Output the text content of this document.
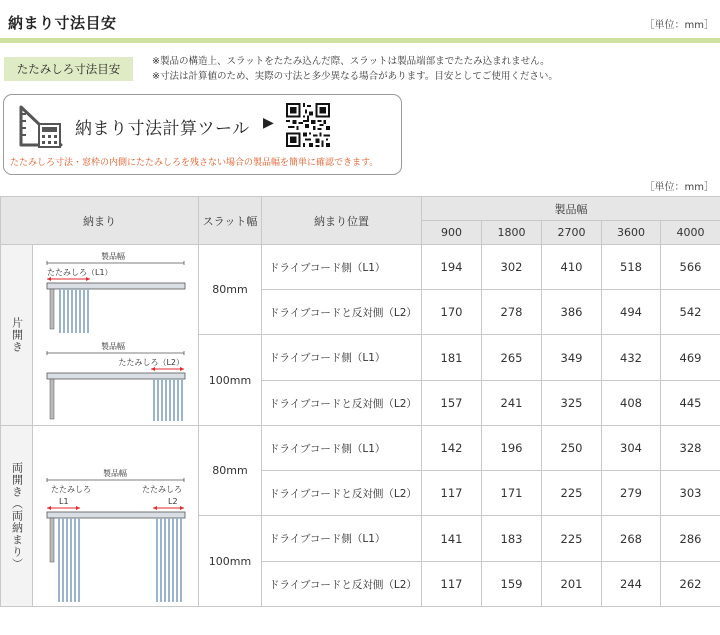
納まり寸法目安	［単位：mm］
たたみしろ寸法目安
※製品の構造上、スラットをたたみ込んだ際、スラットは製品端部までたたみ込まれません。
※寸法は計算値のため、実際の寸法と多少異なる場合があります。目安としてご使用ください。
納まり寸法計算ツール ▶
たたみしろ寸法・窓枠の内側にたたみしろを残さない場合の製品幅を簡単に確認できます。
［単位：mm］
納まり		スラット幅	納まり位置	製品幅				
				900	1800	2700	3600	4000
片開き	製品幅
たたみしろ（L1）
製品幅
たたみしろ（L2）	80mm	ドライブコード側（L1）	194	302	410	518	566
			ドライブコードと反対側（L2）	170	278	386	494	542
		100mm	ドライブコード側（L1）	181	265	349	432	469
			ドライブコードと反対側（L2）	157	241	325	408	445
両開き（両納まり）	製品幅
たたみしろ たたみしろ
L1 L2	80mm	ドライブコード側（L1）	142	196	250	304	328
			ドライブコードと反対側（L2）	117	171	225	279	303
		100mm	ドライブコード側（L1）	141	183	225	268	286
			ドライブコードと反対側（L2）	117	159	201	244	262
